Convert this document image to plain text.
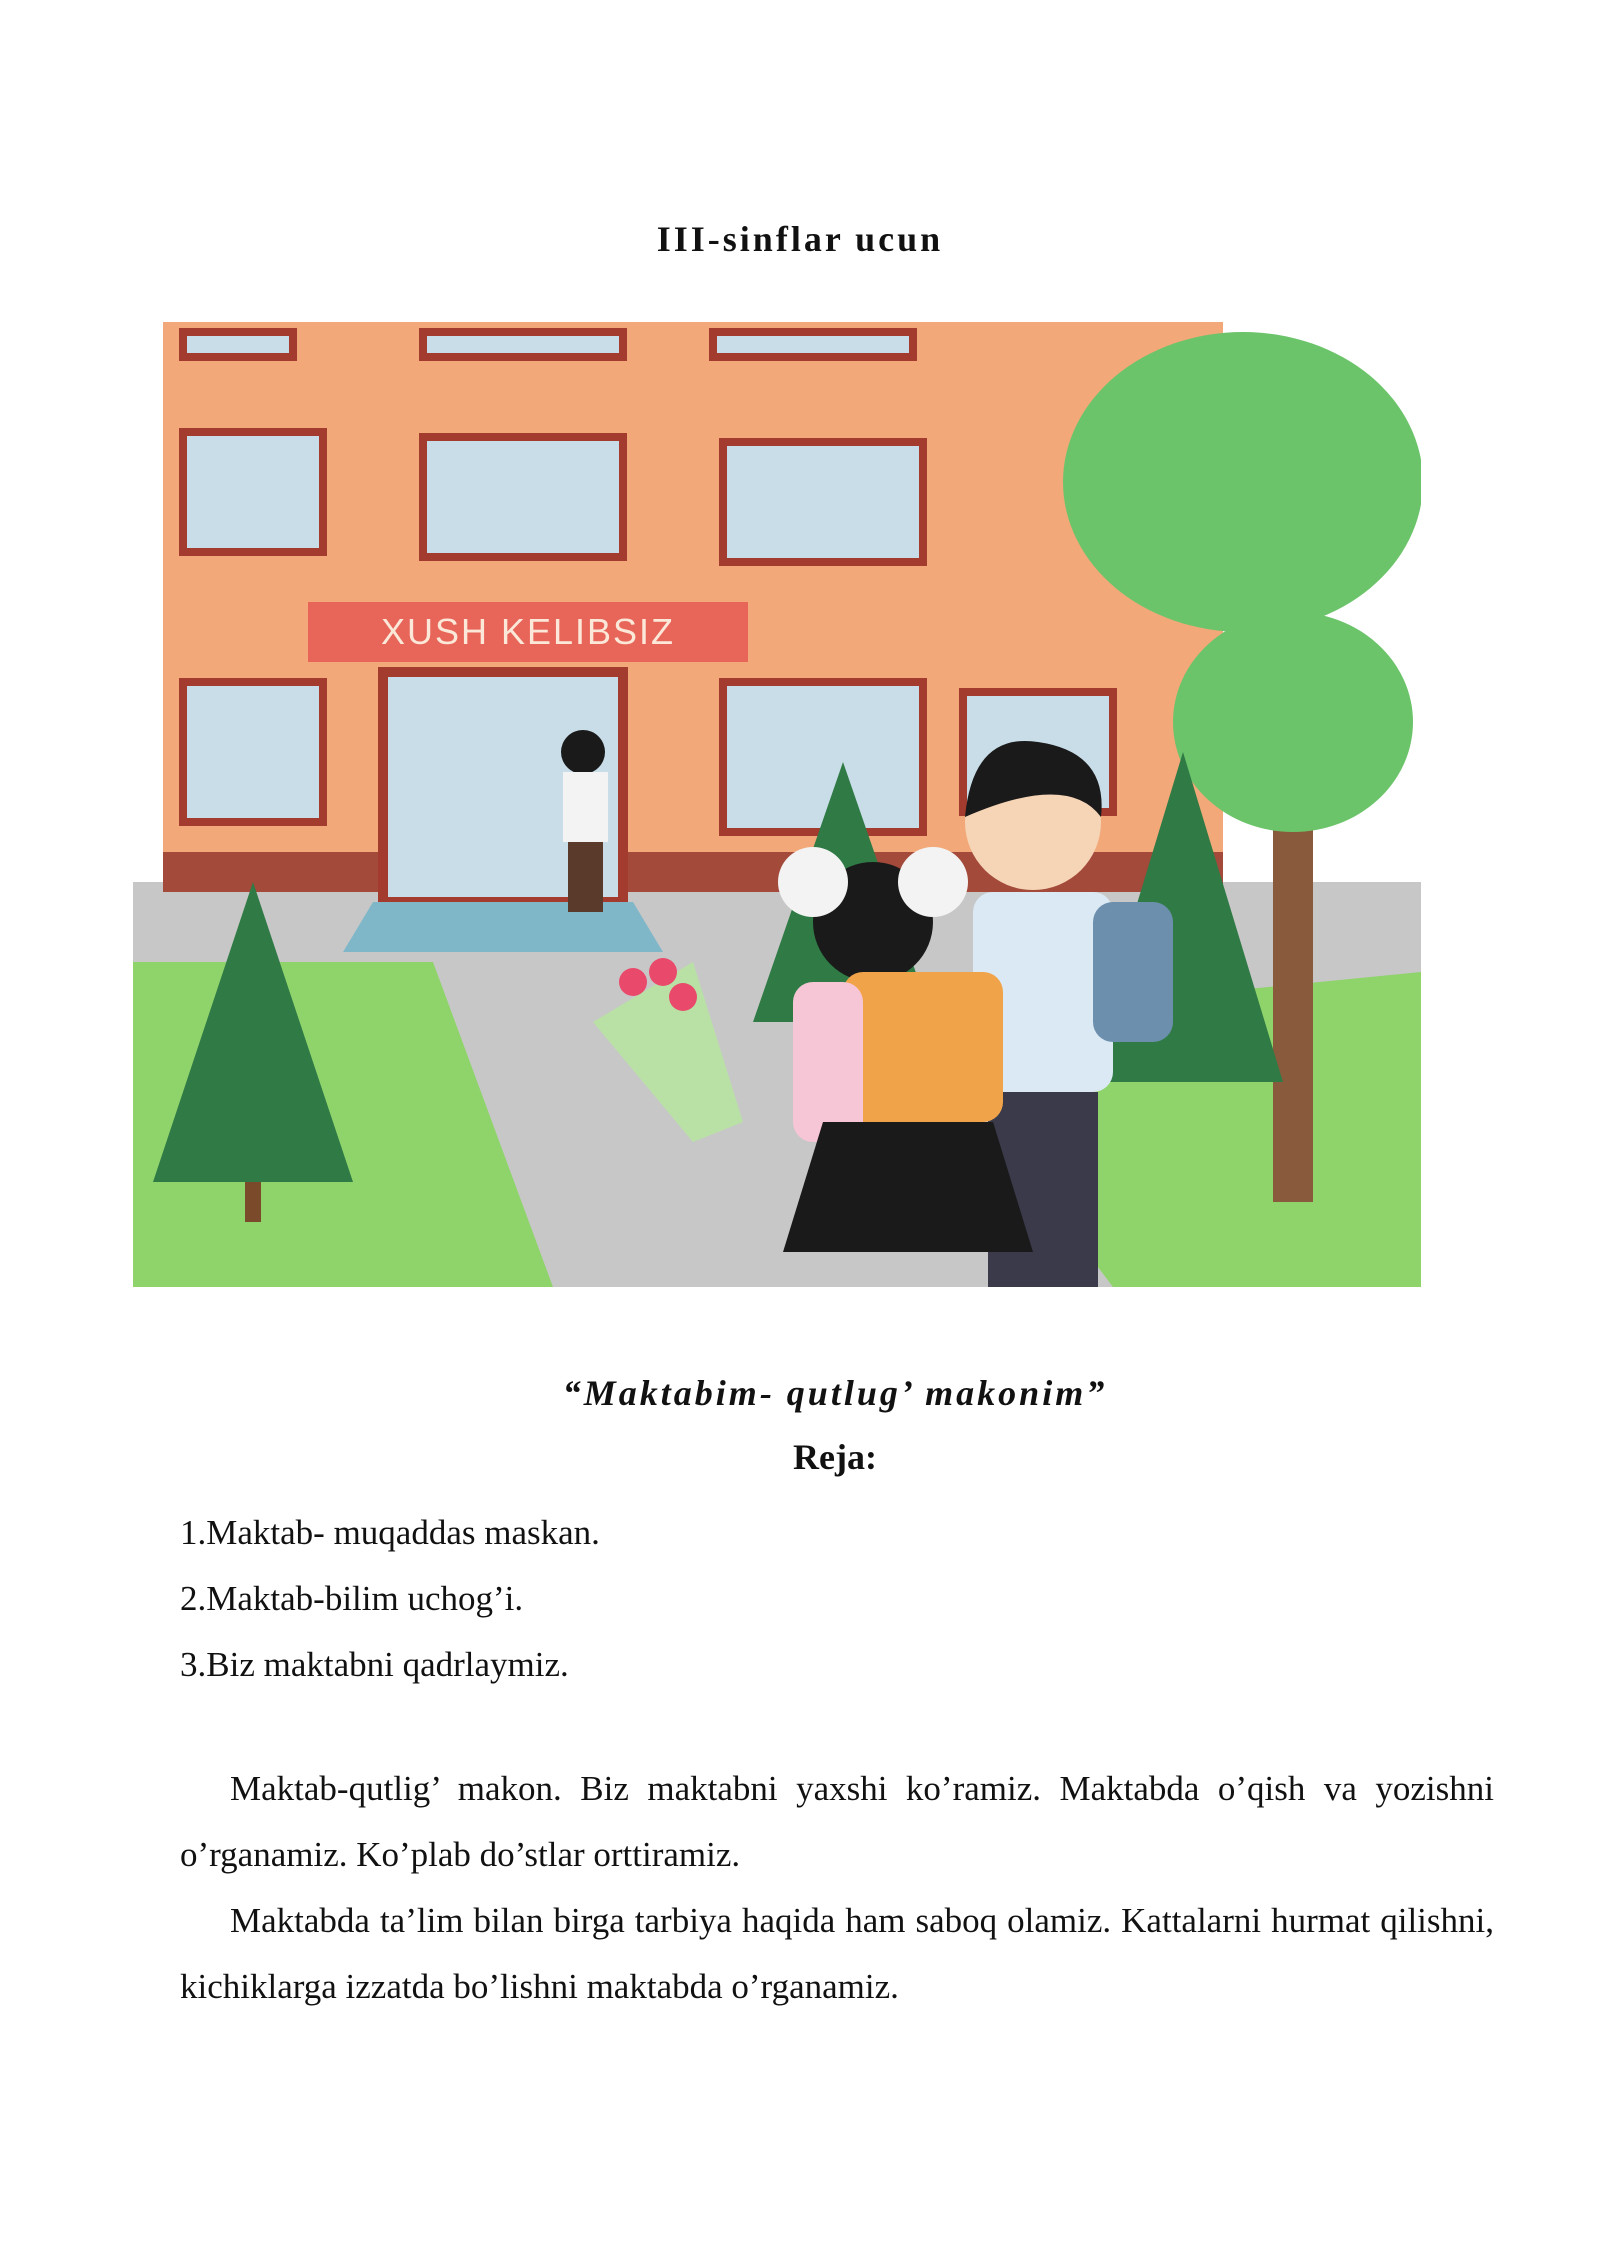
III-sinflar ucun
XUSH KELIBSIZ
“Maktabim- qutlug’ makonim”
Reja:
1.Maktab- muqaddas maskan.
2.Maktab-bilim uchog’i.
3.Biz maktabni qadrlaymiz.

Maktab-qutlig’ makon. Biz maktabni yaxshi ko’ramiz. Maktabda o’qish va yozishni o’rganamiz. Ko’plab do’stlar orttiramiz.

Maktabda ta’lim bilan birga tarbiya haqida ham saboq olamiz. Kattalarni hurmat qilishni, kichiklarga izzatda bo’lishni maktabda o’rganamiz.
